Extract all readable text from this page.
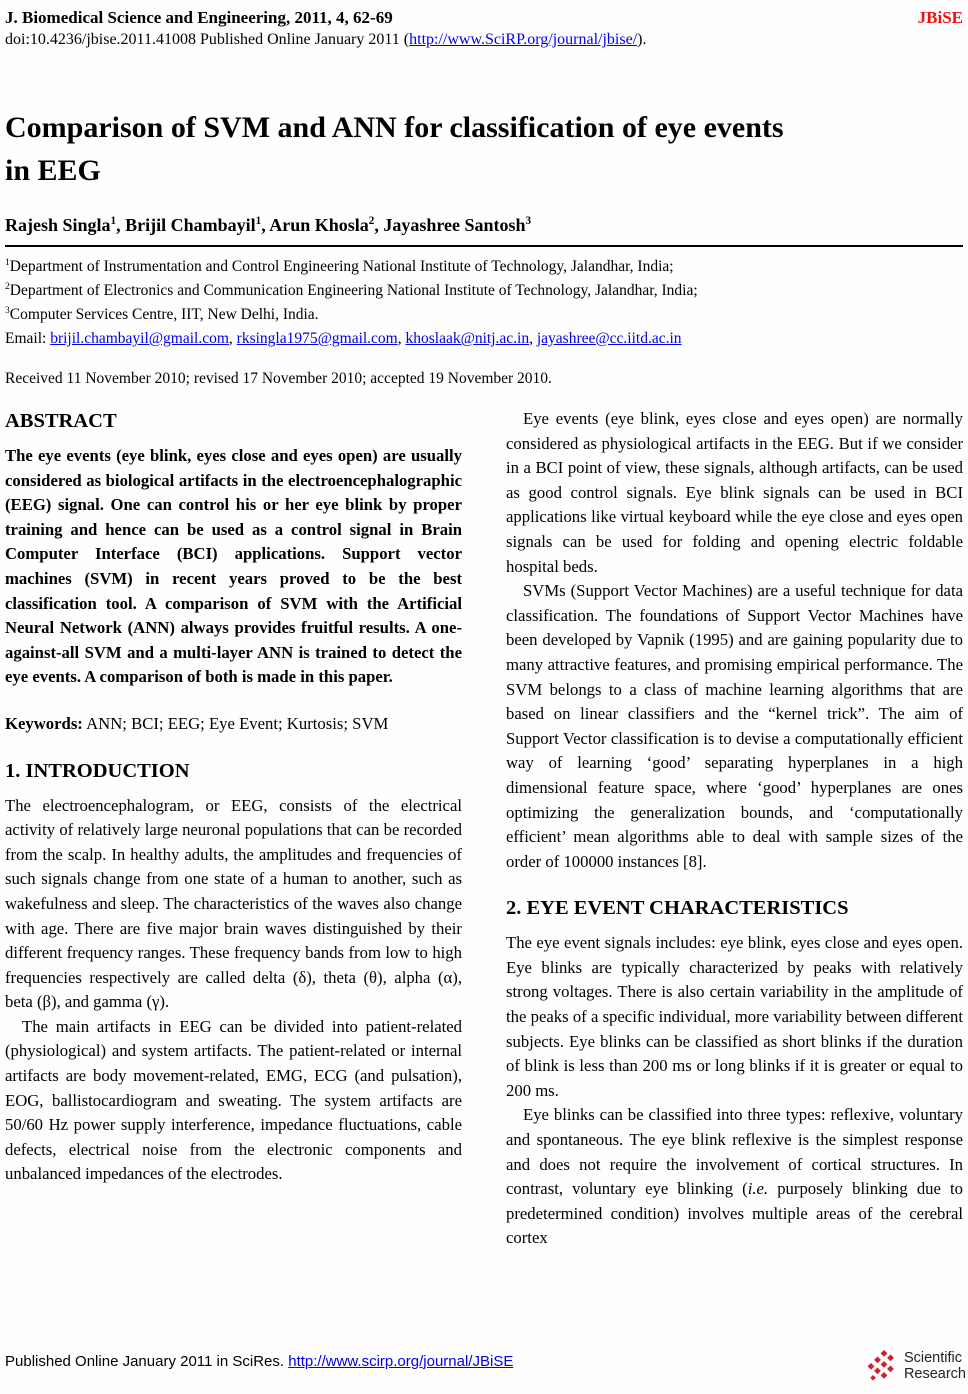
J. Biomedical Science and Engineering, 2011, 4, 62-69	JBiSE
doi:10.4236/jbise.2011.41008 Published Online January 2011 (http://www.SciRP.org/journal/jbise/).
Comparison of SVM and ANN for classification of eye events
in EEG
Rajesh Singla$^1$, Brijil Chambayil$^1$, Arun Khosla$^2$, Jayashree Santosh$^3$

$^1$Department of Instrumentation and Control Engineering National Institute of Technology, Jalandhar, India;

$^2$Department of Electronics and Communication Engineering National Institute of Technology, Jalandhar, India;

$^3$Computer Services Centre, IIT, New Delhi, India.

Email: brijil.chambayil@gmail.com, rksingla1975@gmail.com, khoslaak@nitj.ac.in, jayashree@cc.iitd.ac.in

Received 11 November 2010; revised 17 November 2010; accepted 19 November 2010.
ABSTRACT

The eye events (eye blink, eyes close and eyes open) are usually considered as biological artifacts in the electroencephalographic (EEG) signal. One can control his or her eye blink by proper training and hence can be used as a control signal in Brain Computer Interface (BCI) applications. Support vector machines (SVM) in recent years proved to be the best classification tool. A comparison of SVM with the Artificial Neural Network (ANN) always provides fruitful results. A one-against-all SVM and a multi-layer ANN is trained to detect the eye events. A comparison of both is made in this paper.

Keywords: ANN; BCI; EEG; Eye Event; Kurtosis; SVM

1. INTRODUCTION

The electroencephalogram, or EEG, consists of the electrical activity of relatively large neuronal populations that can be recorded from the scalp. In healthy adults, the amplitudes and frequencies of such signals change from one state of a human to another, such as wakefulness and sleep. The characteristics of the waves also change with age. There are five major brain waves distinguished by their different frequency ranges. These frequency bands from low to high frequencies respectively are called delta (δ), theta (θ), alpha (α), beta (β), and gamma (γ).

The main artifacts in EEG can be divided into patient-related (physiological) and system artifacts. The patient-related or internal artifacts are body movement-related, EMG, ECG (and pulsation), EOG, ballistocardiogram and sweating. The system artifacts are 50/60 Hz power supply interference, impedance fluctuations, cable defects, electrical noise from the electronic components and unbalanced impedances of the electrodes.

Eye events (eye blink, eyes close and eyes open) are normally considered as physiological artifacts in the EEG. But if we consider in a BCI point of view, these signals, although artifacts, can be used as good control signals. Eye blink signals can be used in BCI applications like virtual keyboard while the eye close and eyes open signals can be used for folding and opening electric foldable hospital beds.

SVMs (Support Vector Machines) are a useful technique for data classification. The foundations of Support Vector Machines have been developed by Vapnik (1995) and are gaining popularity due to many attractive features, and promising empirical performance. The SVM belongs to a class of machine learning algorithms that are based on linear classifiers and the “kernel trick”. The aim of Support Vector classification is to devise a computationally efficient way of learning ‘good’ separating hyperplanes in a high dimensional feature space, where ‘good’ hyperplanes are ones optimizing the generalization bounds, and ‘computationally efficient’ mean algorithms able to deal with sample sizes of the order of 100000 instances [8].

2. EYE EVENT CHARACTERISTICS

The eye event signals includes: eye blink, eyes close and eyes open. Eye blinks are typically characterized by peaks with relatively strong voltages. There is also certain variability in the amplitude of the peaks of a specific individual, more variability between different subjects. Eye blinks can be classified as short blinks if the duration of blink is less than 200 ms or long blinks if it is greater or equal to 200 ms.

Eye blinks can be classified into three types: reflexive, voluntary and spontaneous. The eye blink reflexive is the simplest response and does not require the involvement of cortical structures. In contrast, voluntary eye blinking (i.e. purposely blinking due to predetermined condition) involves multiple areas of the cerebral cortex

Published Online January 2011 in SciRes. http://www.scirp.org/journal/JBiSE	Scientific
Research
